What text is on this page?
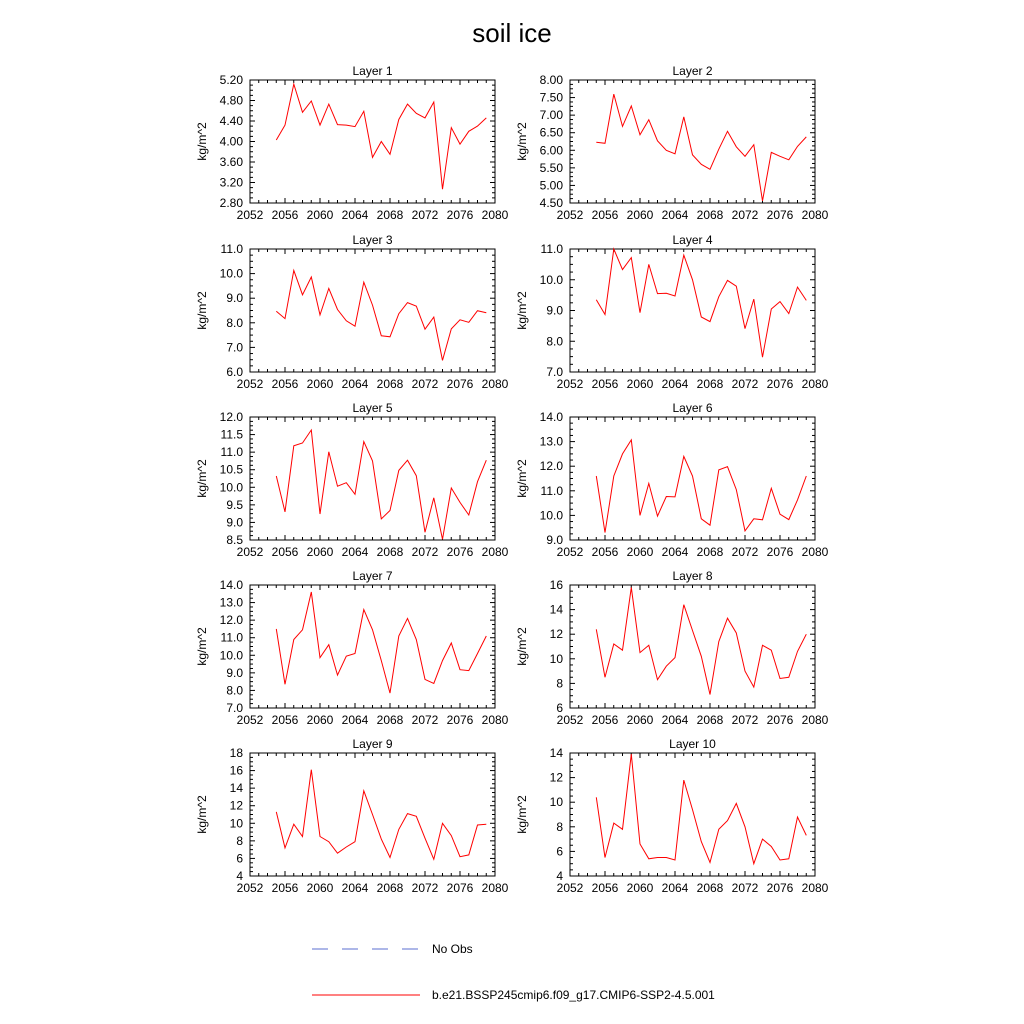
soil ice
Layer 1
kg/m^2
2052 2056 2060 2064 2068 2072 2076 2080
2.80
3.20
3.60
4.00
4.40
4.80
5.20
Layer 2
kg/m^2
2052 2056 2060 2064 2068 2072 2076 2080
4.50
5.00
5.50
6.00
6.50
7.00
7.50
8.00
Layer 3
kg/m^2
2052 2056 2060 2064 2068 2072 2076 2080
6.0
7.0
8.0
9.0
10.0
11.0
Layer 4
kg/m^2
2052 2056 2060 2064 2068 2072 2076 2080
7.0
8.0
9.0
10.0
11.0
Layer 5
kg/m^2
2052 2056 2060 2064 2068 2072 2076 2080
8.5
9.0
9.5
10.0
10.5
11.0
11.5
12.0
Layer 6
kg/m^2
2052 2056 2060 2064 2068 2072 2076 2080
9.0
10.0
11.0
12.0
13.0
14.0
Layer 7
kg/m^2
2052 2056 2060 2064 2068 2072 2076 2080
7.0
8.0
9.0
10.0
11.0
12.0
13.0
14.0
Layer 8
kg/m^2
2052 2056 2060 2064 2068 2072 2076 2080
6
8
10
12
14
16
Layer 9
kg/m^2
2052 2056 2060 2064 2068 2072 2076 2080
4
6
8
10
12
14
16
18
Layer 10
kg/m^2
2052 2056 2060 2064 2068 2072 2076 2080
4
6
8
10
12
14
No Obs
b.e21.BSSP245cmip6.f09_g17.CMIP6-SSP2-4.5.001
